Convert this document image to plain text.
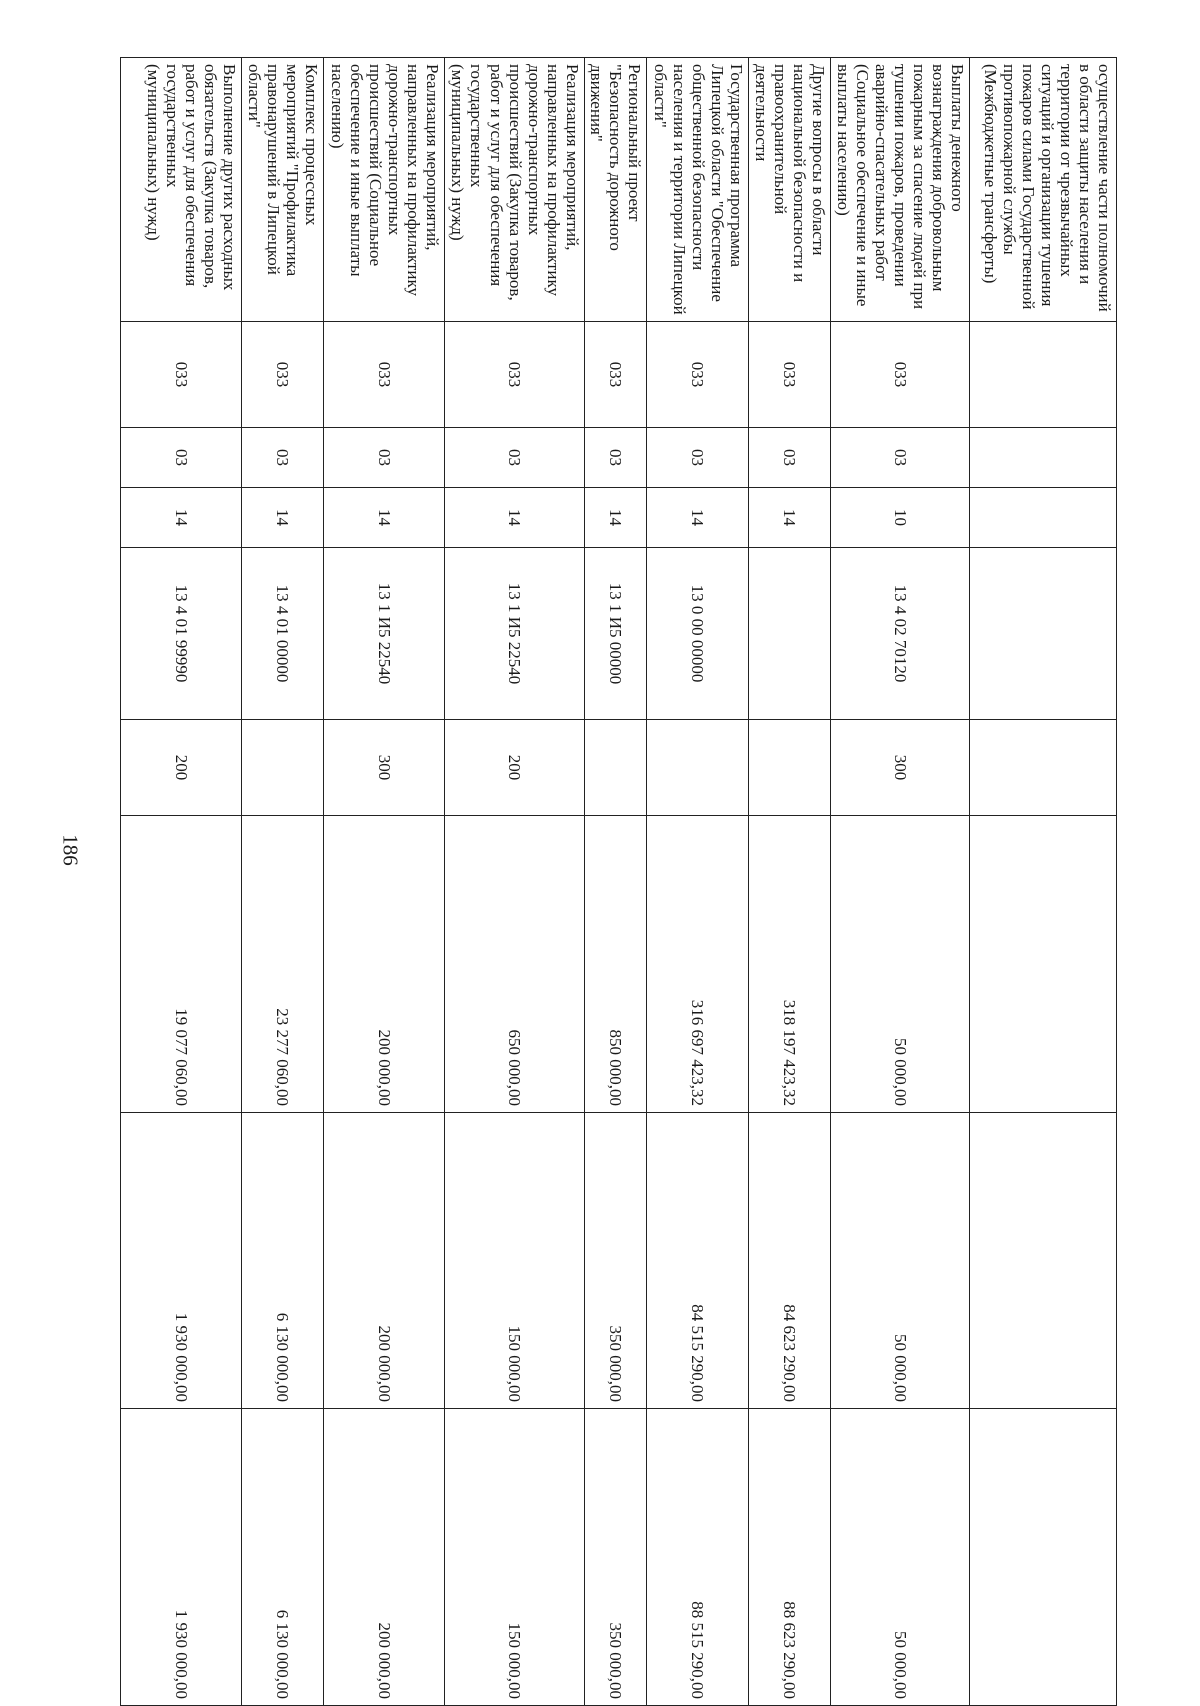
186
осуществление части полномочий в области защиты населения и территории от чрезвычайных ситуаций и организации тушения пожаров силами Государственной противопожарной службы (Межбюджетные трансферты)								
Выплаты денежного вознаграждения добровольным пожарным за спасение людей при тушении пожаров, проведении аварийно-спасательных работ (Социальное обеспечение и иные выплаты населению)	033	03	10	13 4 02 70120	300	50 000,00	50 000,00	50 000,00
Другие вопросы в области национальной безопасности и правоохранительной деятельности	033	03	14			318 197 423,32	84 623 290,00	88 623 290,00
Государственная программа Липецкой области "Обеспечение общественной безопасности населения и территории Липецкой области"	033	03	14	13 0 00 00000		316 697 423,32	84 515 290,00	88 515 290,00
Региональный проект "Безопасность дорожного движения"	033	03	14	13 1 И5 00000		850 000,00	350 000,00	350 000,00
Реализация мероприятий, направленных на профилактику дорожно-транспортных происшествий (Закупка товаров, работ и услуг для обеспечения государственных (муниципальных) нужд)	033	03	14	13 1 И5 22540	200	650 000,00	150 000,00	150 000,00
Реализация мероприятий, направленных на профилактику дорожно-транспортных происшествий (Социальное обеспечение и иные выплаты населению)	033	03	14	13 1 И5 22540	300	200 000,00	200 000,00	200 000,00
Комплекс процессных мероприятий "Профилактика правонарушений в Липецкой области"	033	03	14	13 4 01 00000		23 277 060,00	6 130 000,00	6 130 000,00
Выполнение других расходных обязательств (Закупка товаров, работ и услуг для обеспечения государственных (муниципальных) нужд)	033	03	14	13 4 01 99990	200	19 077 060,00	1 930 000,00	1 930 000,00
